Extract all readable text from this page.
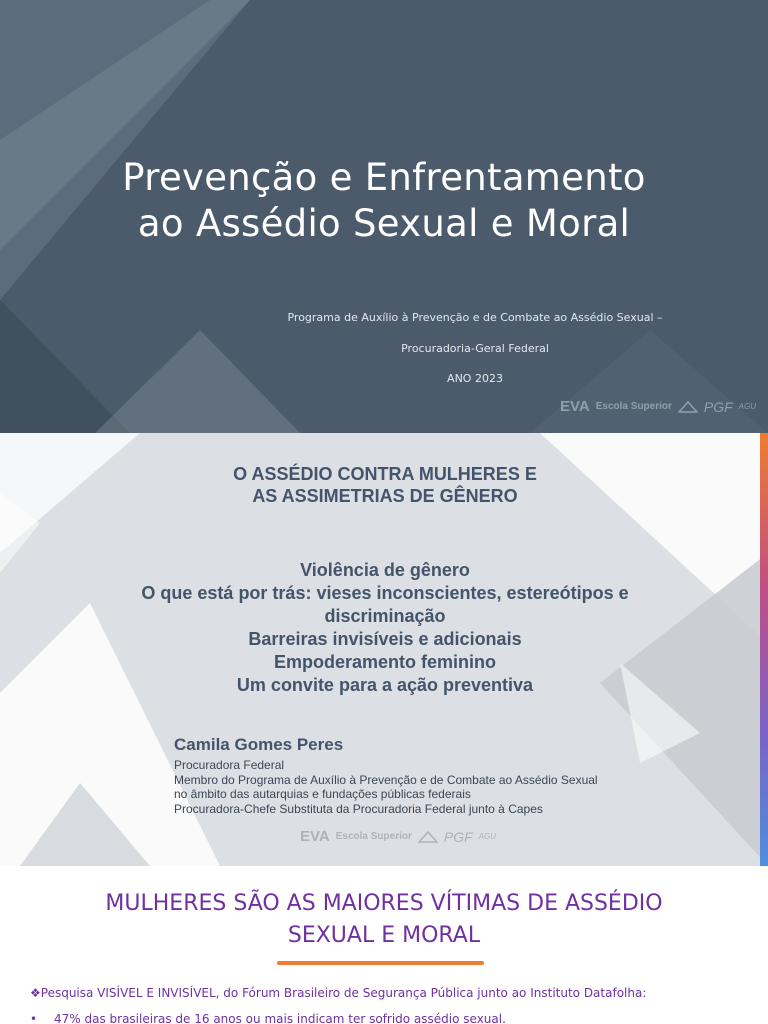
Prevenção e Enfrentamento
ao Assédio Sexual e Moral
Programa de Auxílio à Prevenção e de Combate ao Assédio Sexual –
Procuradoria-Geral Federal
ANO 2023
EVA Escola Superior PGF AGU
O ASSÉDIO CONTRA MULHERES E
AS ASSIMETRIAS DE GÊNERO
Violência de gênero
O que está por trás: vieses inconscientes, estereótipos e
discriminação
Barreiras invisíveis e adicionais
Empoderamento feminino
Um convite para a ação preventiva
Camila Gomes Peres
Procuradora Federal
Membro do Programa de Auxílio à Prevenção e de Combate ao Assédio Sexual
no âmbito das autarquias e fundações públicas federais
Procuradora-Chefe Substituta da Procuradoria Federal junto à Capes
EVA Escola Superior PGF AGU
MULHERES SÃO AS MAIORES VÍTIMAS DE ASSÉDIO
SEXUAL E MORAL
❖Pesquisa VISÍVEL E INVISÍVEL, do Fórum Brasileiro de Segurança Pública junto ao Instituto Datafolha:
• 47% das brasileiras de 16 anos ou mais indicam ter sofrido assédio sexual.
